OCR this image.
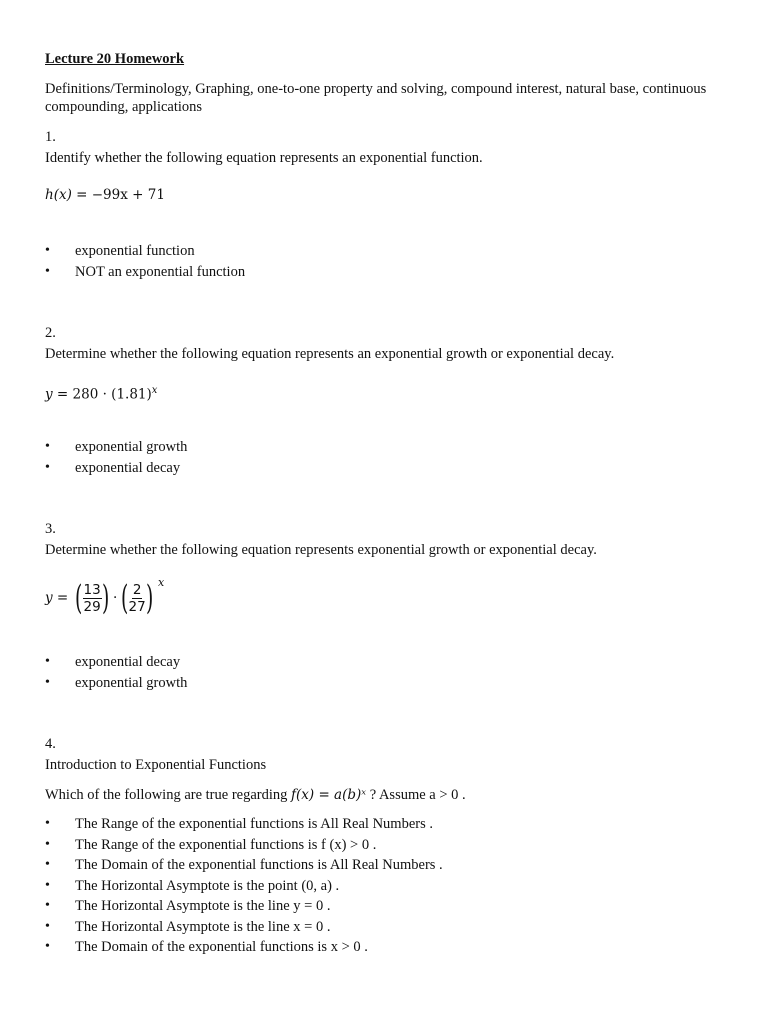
Lecture 20 Homework
Definitions/Terminology, Graphing, one-to-one property and solving, compound interest, natural base, continuous compounding, applications
1.
Identify whether the following equation represents an exponential function.
h(x) = −99x + 71
• exponential function
• NOT an exponential function
2.
Determine whether the following equation represents an exponential growth or exponential decay.
$y = 280 \cdot (1.81)^x$
• exponential growth
• exponential decay
3.
Determine whether the following equation represents exponential growth or exponential decay.
y = ( $\frac{13}{29}$ ) · ( $\frac{2}{27}$ ) x
• exponential decay
• exponential growth
4.
Introduction to Exponential Functions
Which of the following are true regarding f(x) = a(b)ˣ ? Assume a > 0 .
• The Range of the exponential functions is All Real Numbers .
• The Range of the exponential functions is f (x) > 0 .
• The Domain of the exponential functions is All Real Numbers .
• The Horizontal Asymptote is the point (0, a) .
• The Horizontal Asymptote is the line y = 0 .
• The Horizontal Asymptote is the line x = 0 .
• The Domain of the exponential functions is x > 0 .
